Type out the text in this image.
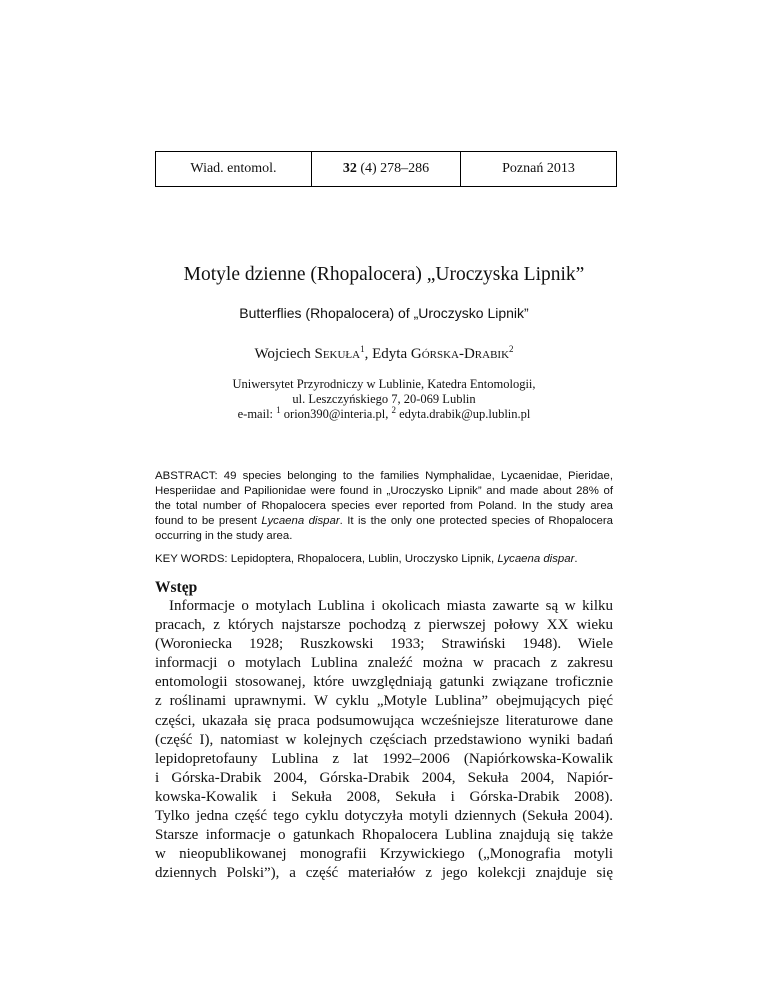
Wiad. entomol.	32 (4) 278–286	Poznań 2013
Motyle dzienne (Rhopalocera) „Uroczyska Lipnik”
Butterflies (Rhopalocera) of „Uroczysko Lipnik”
Wojciech Sekuła$^1$, Edyta Górska-Drabik$^2$
Uniwersytet Przyrodniczy w Lublinie, Katedra Entomologii,
ul. Leszczyńskiego 7, 20-069 Lublin
e-mail: $^1$ orion390@interia.pl, $^2$ edyta.drabik@up.lublin.pl
ABSTRACT: 49 species belonging to the families Nymphalidae, Lycaenidae, Pieridae, Hesperiidae and Papilionidae were found in „Uroczysko Lipnik” and made about 28% of the total number of Rhopalocera species ever reported from Poland. In the study area found to be present Lycaena dispar. It is the only one protected species of Rhopalocera occurring in the study area.
KEY WORDS: Lepidoptera, Rhopalocera, Lublin, Uroczysko Lipnik, Lycaena dispar.
Wstęp
Informacje o motylach Lublina i okolicach miasta zawarte są w kilku
pracach, z których najstarsze pochodzą z pierwszej połowy XX wieku
(Woroniecka 1928; Ruszkowski 1933; Strawiński 1948). Wiele
informacji o motylach Lublina znaleźć można w pracach z zakresu
entomologii stosowanej, które uwzględniają gatunki związane troficznie
z roślinami uprawnymi. W cyklu „Motyle Lublina” obejmujących pięć
części, ukazała się praca podsumowująca wcześniejsze literaturowe dane
(część I), natomiast w kolejnych częściach przedstawiono wyniki badań
lepidopretofauny Lublina z lat 1992–2006 (Napiórkowska-Kowalik
i Górska-Drabik 2004, Górska-Drabik 2004, Sekuła 2004, Napiór-
kowska-Kowalik i Sekuła 2008, Sekuła i Górska-Drabik 2008).
Tylko jedna część tego cyklu dotyczyła motyli dziennych (Sekuła 2004).
Starsze informacje o gatunkach Rhopalocera Lublina znajdują się także
w nieopublikowanej monografii Krzywickiego („Monografia motyli
dziennych Polski”), a część materiałów z jego kolekcji znajduje się
